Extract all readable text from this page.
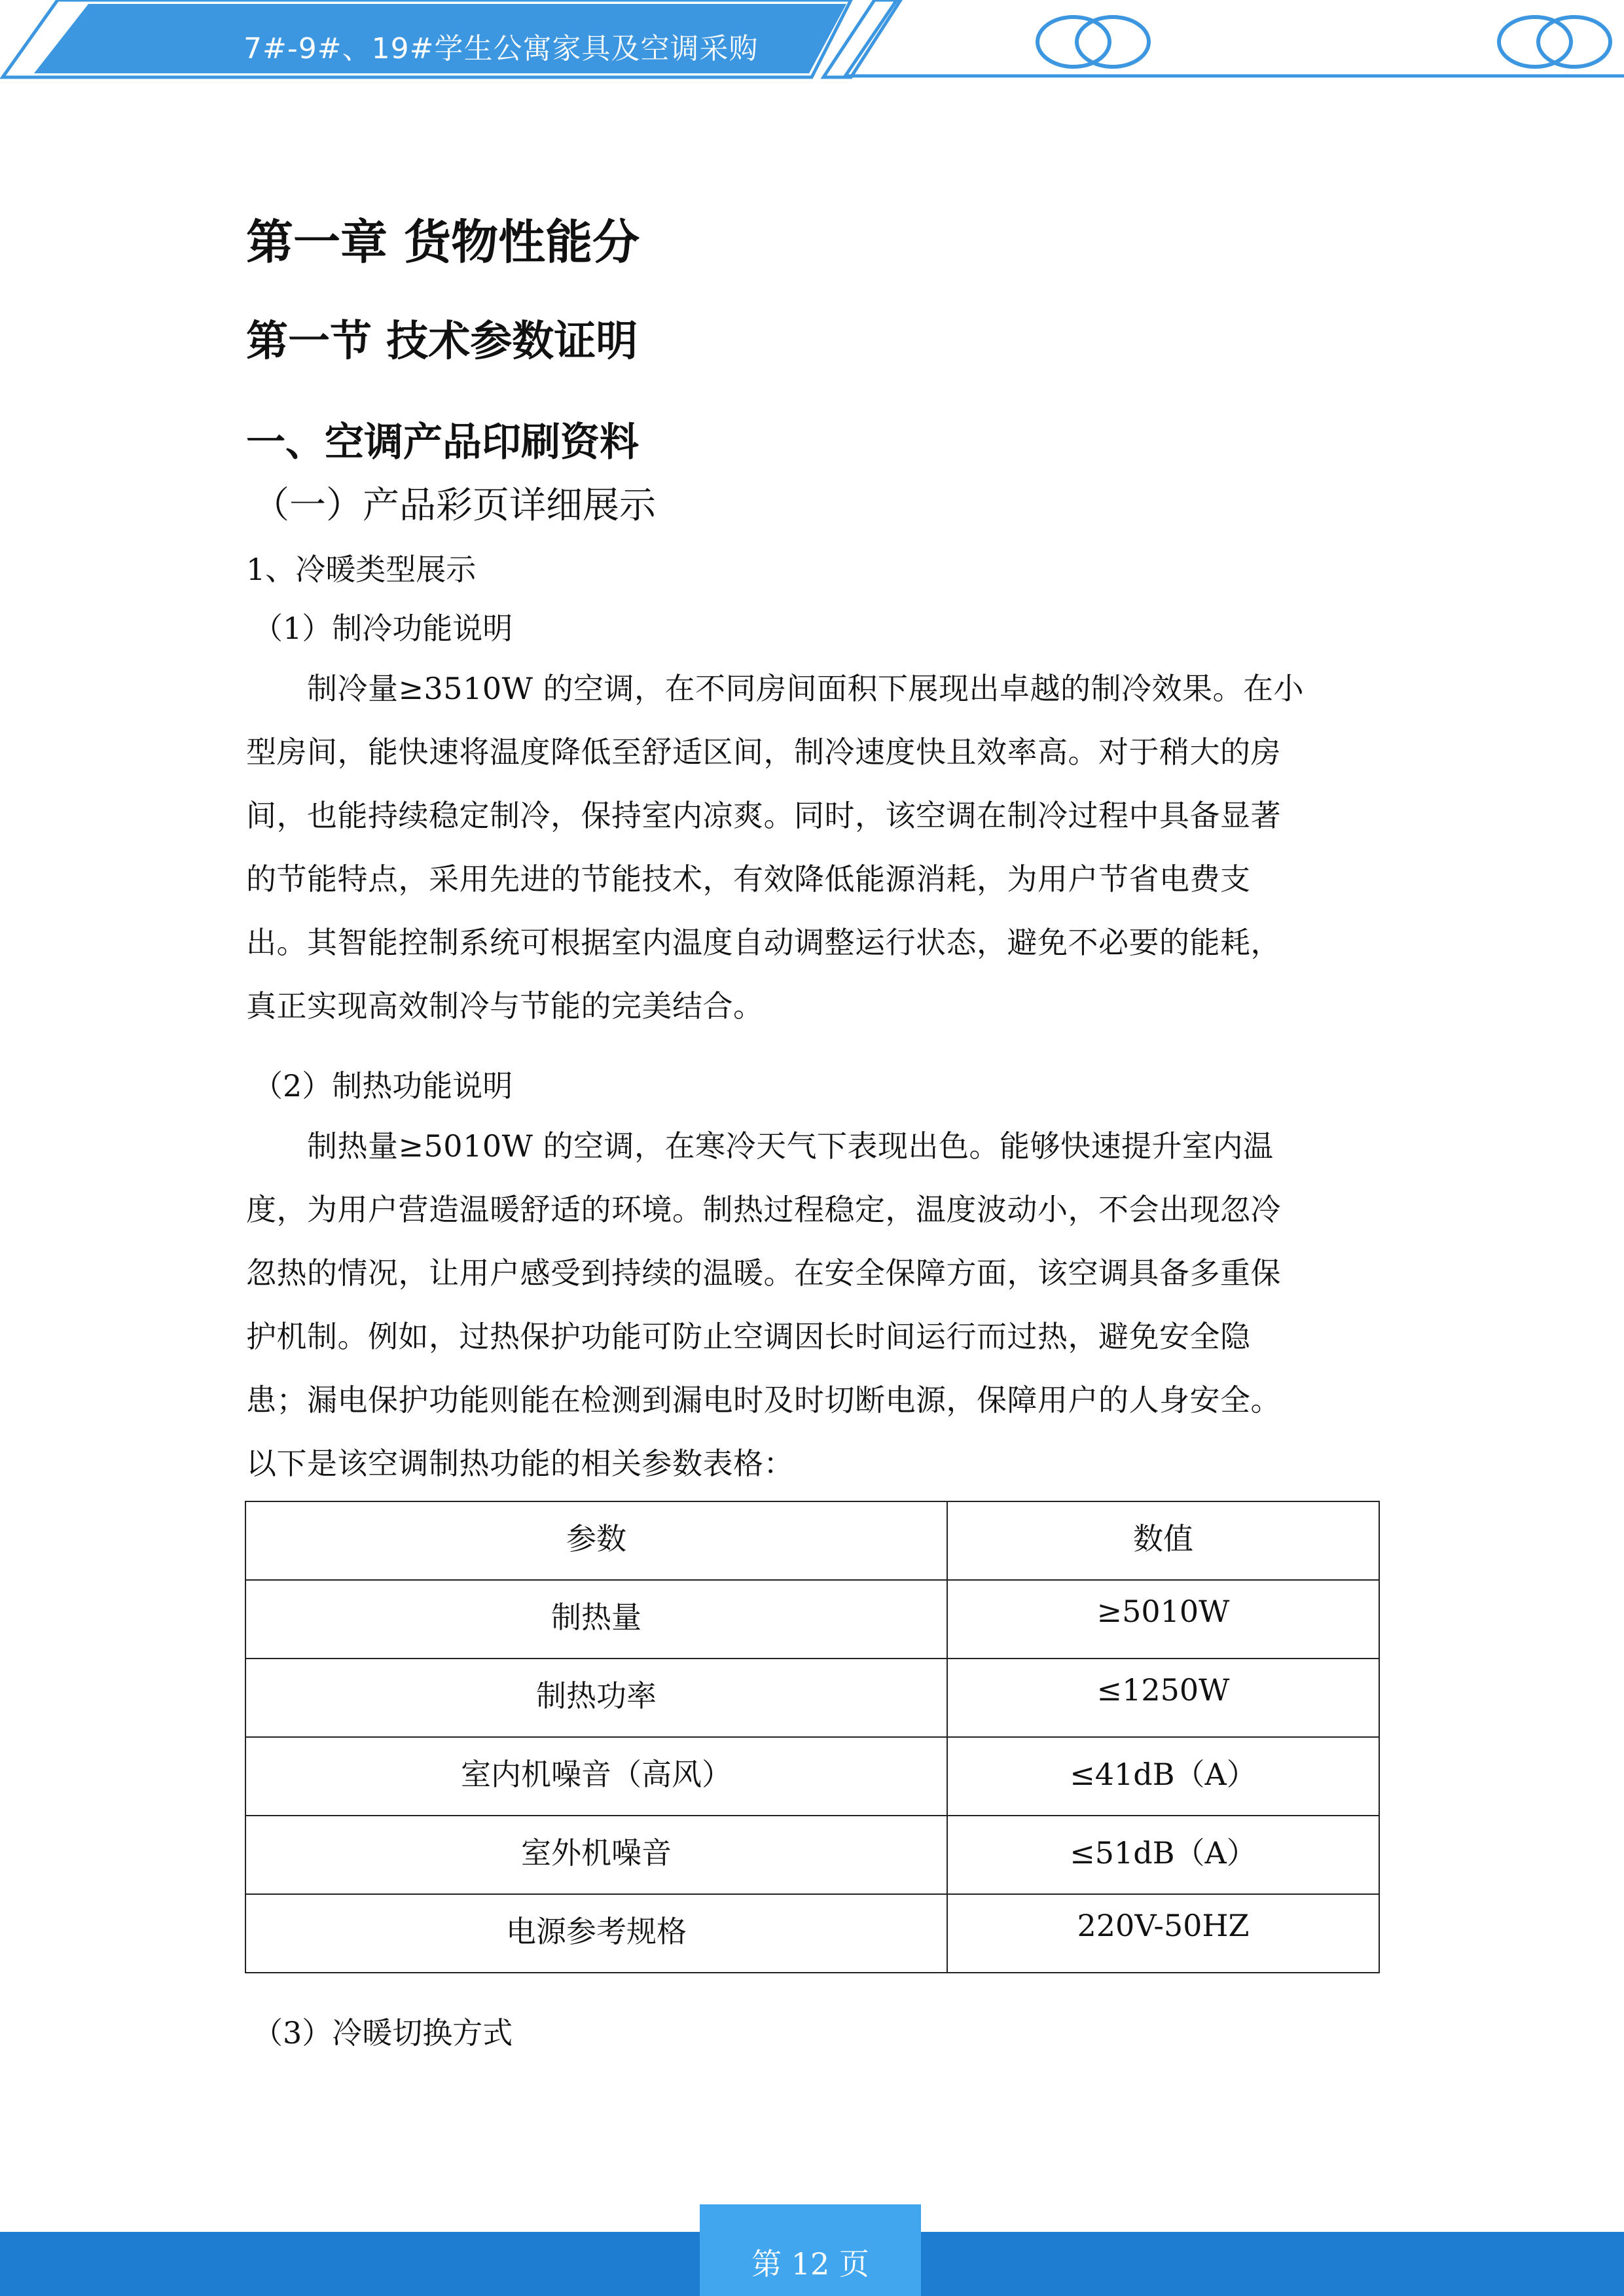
7#-9#、19#学生公寓家具及空调采购
第一章 货物性能分
第一节 技术参数证明
一、空调产品印刷资料
（一）产品彩页详细展示
1、冷暖类型展示
（1）制冷功能说明
　　制冷量≥3510W 的空调，在不同房间面积下展现出卓越的制冷效果。在小
型房间，能快速将温度降低至舒适区间，制冷速度快且效率高。对于稍大的房
间，也能持续稳定制冷，保持室内凉爽。同时，该空调在制冷过程中具备显著
的节能特点，采用先进的节能技术，有效降低能源消耗，为用户节省电费支
出。其智能控制系统可根据室内温度自动调整运行状态，避免不必要的能耗，
真正实现高效制冷与节能的完美结合。
（2）制热功能说明
　　制热量≥5010W 的空调，在寒冷天气下表现出色。能够快速提升室内温
度，为用户营造温暖舒适的环境。制热过程稳定，温度波动小，不会出现忽冷
忽热的情况，让用户感受到持续的温暖。在安全保障方面，该空调具备多重保
护机制。例如，过热保护功能可防止空调因长时间运行而过热，避免安全隐
患；漏电保护功能则能在检测到漏电时及时切断电源，保障用户的人身安全。
以下是该空调制热功能的相关参数表格：
参数	数值
制热量	≥5010W
制热功率	≤1250W
室内机噪音（高风）	≤41dB（A）
室外机噪音	≤51dB（A）
电源参考规格	220V-50HZ
（3）冷暖切换方式
第 12 页
